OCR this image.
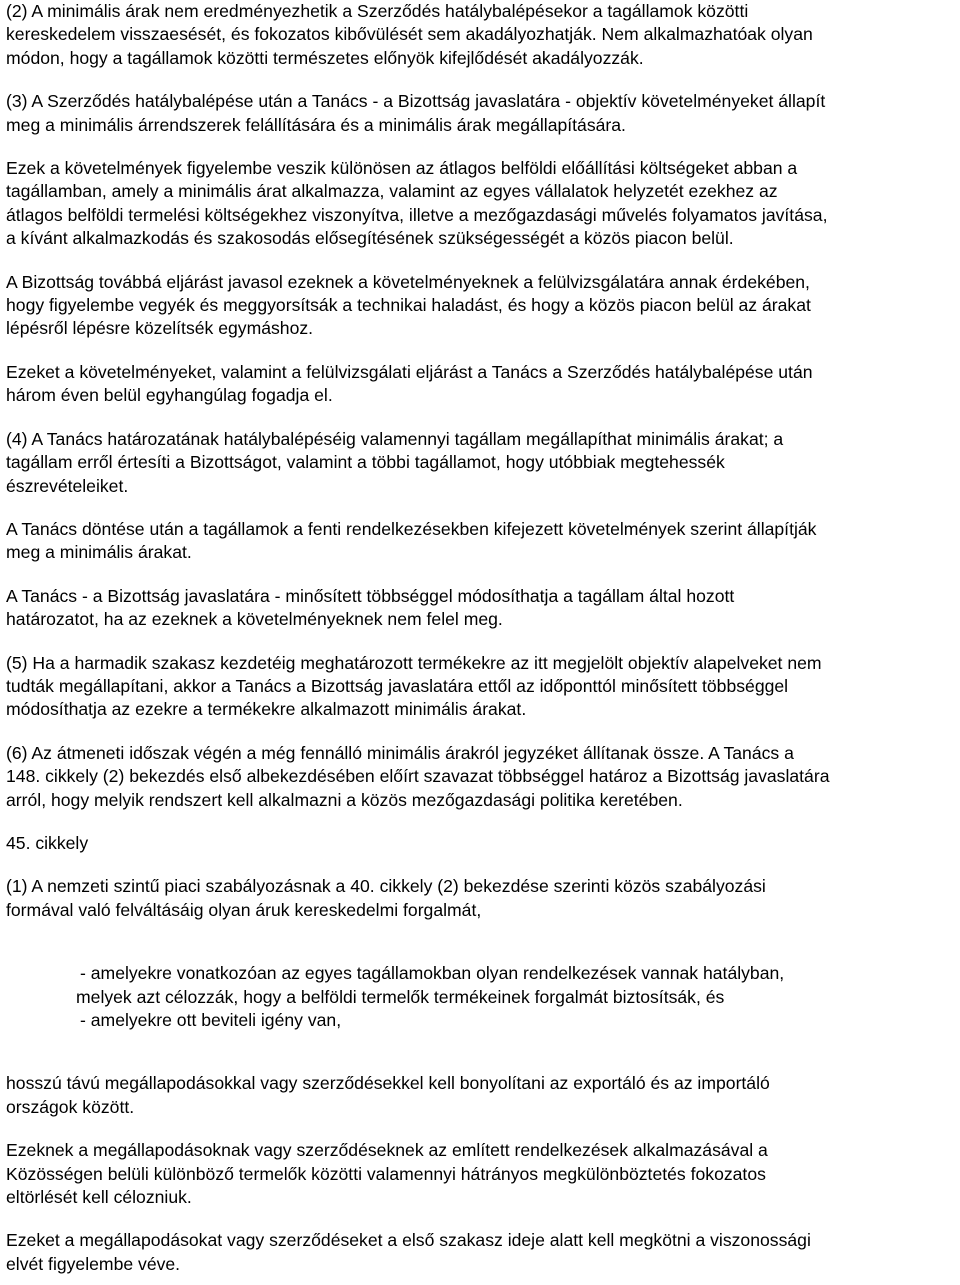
(2) A minimális árak nem eredményezhetik a Szerződés hatálybalépésekor a tagállamok közötti
kereskedelem visszaesését, és fokozatos kibővülését sem akadályozhatják. Nem alkalmazhatóak olyan
módon, hogy a tagállamok közötti természetes előnyök kifejlődését akadályozzák.

(3) A Szerződés hatálybalépése után a Tanács - a Bizottság javaslatára - objektív követelményeket állapít
meg a minimális árrendszerek felállítására és a minimális árak megállapítására.

Ezek a követelmények figyelembe veszik különösen az átlagos belföldi előállítási költségeket abban a
tagállamban, amely a minimális árat alkalmazza, valamint az egyes vállalatok helyzetét ezekhez az
átlagos belföldi termelési költségekhez viszonyítva, illetve a mezőgazdasági művelés folyamatos javítása,
a kívánt alkalmazkodás és szakosodás elősegítésének szükségességét a közös piacon belül.

A Bizottság továbbá eljárást javasol ezeknek a követelményeknek a felülvizsgálatára annak érdekében,
hogy figyelembe vegyék és meggyorsítsák a technikai haladást, és hogy a közös piacon belül az árakat
lépésről lépésre közelítsék egymáshoz.

Ezeket a követelményeket, valamint a felülvizsgálati eljárást a Tanács a Szerződés hatálybalépése után
három éven belül egyhangúlag fogadja el.

(4) A Tanács határozatának hatálybalépéséig valamennyi tagállam megállapíthat minimális árakat; a
tagállam erről értesíti a Bizottságot, valamint a többi tagállamot, hogy utóbbiak megtehessék
észrevételeiket.

A Tanács döntése után a tagállamok a fenti rendelkezésekben kifejezett követelmények szerint állapítják
meg a minimális árakat.

A Tanács - a Bizottság javaslatára - minősített többséggel módosíthatja a tagállam által hozott
határozatot, ha az ezeknek a követelményeknek nem felel meg.

(5) Ha a harmadik szakasz kezdetéig meghatározott termékekre az itt megjelölt objektív alapelveket nem
tudták megállapítani, akkor a Tanács a Bizottság javaslatára ettől az időponttól minősített többséggel
módosíthatja az ezekre a termékekre alkalmazott minimális árakat.

(6) Az átmeneti időszak végén a még fennálló minimális árakról jegyzéket állítanak össze. A Tanács a
148. cikkely (2) bekezdés első albekezdésében előírt szavazat többséggel határoz a Bizottság javaslatára
arról, hogy melyik rendszert kell alkalmazni a közös mezőgazdasági politika keretében.

45. cikkely

(1) A nemzeti szintű piaci szabályozásnak a 40. cikkely (2) bekezdése szerinti közös szabályozási
formával való felváltásáig olyan áruk kereskedelmi forgalmát,

- amelyekre vonatkozóan az egyes tagállamokban olyan rendelkezések vannak hatályban,
melyek azt célozzák, hogy a belföldi termelők termékeinek forgalmát biztosítsák, és
- amelyekre ott beviteli igény van,

hosszú távú megállapodásokkal vagy szerződésekkel kell bonyolítani az exportáló és az importáló
országok között.

Ezeknek a megállapodásoknak vagy szerződéseknek az említett rendelkezések alkalmazásával a
Közösségen belüli különböző termelők közötti valamennyi hátrányos megkülönböztetés fokozatos
eltörlését kell célozniuk.

Ezeket a megállapodásokat vagy szerződéseket a első szakasz ideje alatt kell megkötni a viszonossági
elvét figyelembe véve.
